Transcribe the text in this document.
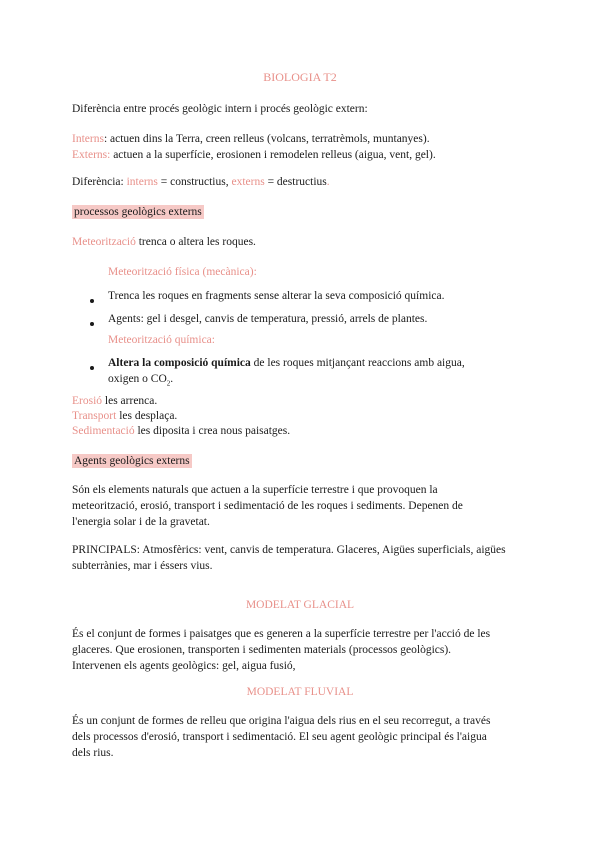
BIOLOGIA T2
Diferència entre procés geològic intern i procés geològic extern:
Interns: actuen dins la Terra, creen relleus (volcans, terratrèmols, muntanyes).
Externs: actuen a la superfície, erosionen i remodelen relleus (aigua, vent, gel).
Diferència: interns = constructius, externs = destructius.
processos geològics externs
Meteorització trenca o altera les roques.
Meteorització física (mecànica):
Trenca les roques en fragments sense alterar la seva composició química.
Agents: gel i desgel, canvis de temperatura, pressió, arrels de plantes.
Meteorització química:
Altera la composició química de les roques mitjançant reaccions amb aigua,
oxigen o $CO_2$.
Erosió les arrenca.
Transport les desplaça.
Sedimentació les diposita i crea nous paisatges.
Agents geològics externs
Són els elements naturals que actuen a la superfície terrestre i que provoquen la
meteorització, erosió, transport i sedimentació de les roques i sediments. Depenen de
l'energia solar i de la gravetat.
PRINCIPALS: Atmosfèrics: vent, canvis de temperatura. Glaceres, Aigües superficials, aigües
subterrànies, mar i éssers vius.
MODELAT GLACIAL
És el conjunt de formes i paisatges que es generen a la superfície terrestre per l'acció de les
glaceres. Que erosionen, transporten i sedimenten materials (processos geològics).
Intervenen els agents geològics: gel, aigua fusió,
MODELAT FLUVIAL
És un conjunt de formes de relleu que origina l'aigua dels rius en el seu recorregut, a través
dels processos d'erosió, transport i sedimentació. El seu agent geològic principal és l'aigua
dels rius.
